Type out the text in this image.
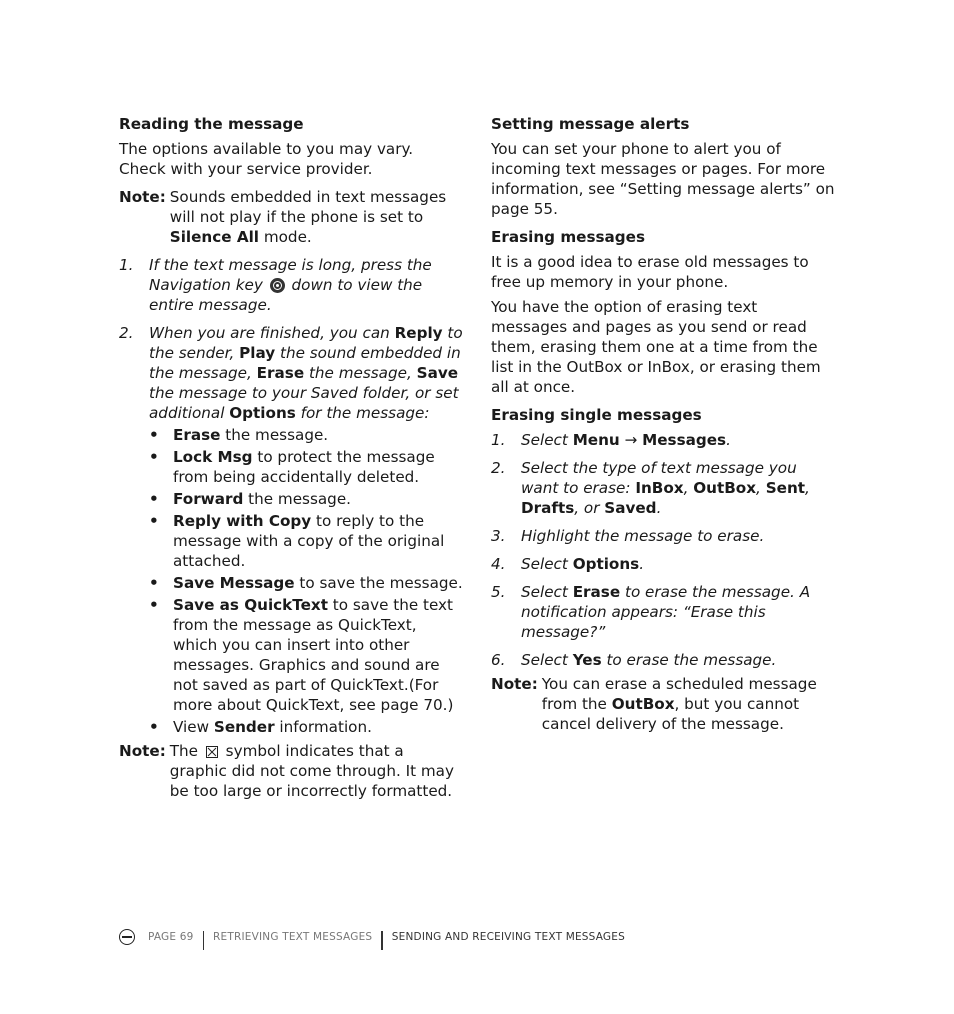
Reading the message

The options available to you may vary. Check with your service provider.

Note: Sounds embedded in text messages will not play if the phone is set to Silence All mode.
1.	If the text message is long, press the Navigation key  down to view the entire message.
2.	When you are finished, you can Reply to the sender, Play the sound embedded in the message, Erase the message, Save the message to your Saved folder, or set additional Options for the message:
• Erase the message.
• Lock Msg to protect the message from being accidentally deleted.
• Forward the message.
• Reply with Copy to reply to the message with a copy of the original attached.
• Save Message to save the message.
• Save as QuickText to save the text from the message as QuickText, which you can insert into other messages. Graphics and sound are not saved as part of QuickText.(For more about QuickText, see page 70.)
• View Sender information.
Note: The
symbol indicates that a graphic did not come through. It may be too large or incorrectly formatted.
Setting message alerts

You can set your phone to alert you of incoming text messages or pages. For more information, see “Setting message alerts” on page 55.

Erasing messages

It is a good idea to erase old messages to free up memory in your phone.

You have the option of erasing text messages and pages as you send or read them, erasing them one at a time from the list in the OutBox or InBox, or erasing them all at once.

Erasing single messages
1.	Select Menu → Messages.
2.	Select the type of text message you want to erase: InBox, OutBox, Sent, Drafts, or Saved.
3.	Highlight the message to erase.
4.	Select Options.
5.	Select Erase to erase the message. A notification appears: “Erase this message?”
6.	Select Yes to erase the message.
Note: You can erase a scheduled message from the OutBox, but you cannot cancel delivery of the message.
PAGE 69 RETRIEVING TEXT MESSAGES SENDING AND RECEIVING TEXT MESSAGES
